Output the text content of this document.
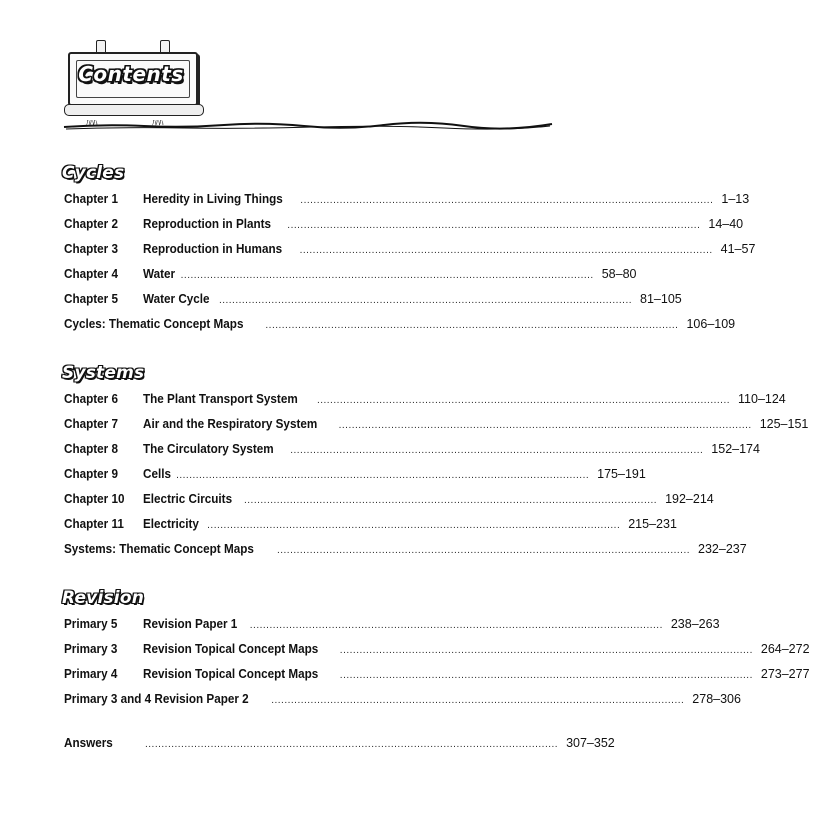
Contents
ﾊﾊﾊ	ﾊﾊﾊ
Cycles
Chapter 1	Heredity in Living Things .............................................................................................................................. 1–13
Chapter 2	Reproduction in Plants .............................................................................................................................. 14–40
Chapter 3	Reproduction in Humans .............................................................................................................................. 41–57
Chapter 4	Water .............................................................................................................................. 58–80
Chapter 5	Water Cycle .............................................................................................................................. 81–105
Cycles: Thematic Concept Maps .............................................................................................................................. 106–109
Systems
Chapter 6	The Plant Transport System .............................................................................................................................. 110–124
Chapter 7	Air and the Respiratory System .............................................................................................................................. 125–151
Chapter 8	The Circulatory System .............................................................................................................................. 152–174
Chapter 9	Cells .............................................................................................................................. 175–191
Chapter 10	Electric Circuits .............................................................................................................................. 192–214
Chapter 11	Electricity .............................................................................................................................. 215–231
Systems: Thematic Concept Maps .............................................................................................................................. 232–237
Revision
Primary 5	Revision Paper 1 .............................................................................................................................. 238–263
Primary 3	Revision Topical Concept Maps .............................................................................................................................. 264–272
Primary 4	Revision Topical Concept Maps .............................................................................................................................. 273–277
Primary 3 and 4 Revision Paper 2 .............................................................................................................................. 278–306
Answers	.............................................................................................................................. 307–352
